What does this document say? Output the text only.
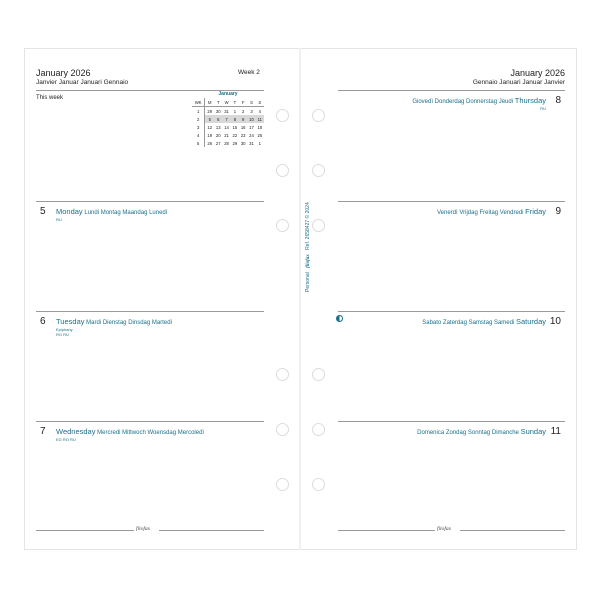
January 2026
Janvier Januar Januari Gennaio
Week 2
This week
January
WK	M	T	W	T	F	S	S
1	29	30	31	1	2	3	4
2	5	6	7	8	9	10	11
3	12	13	14	15	16	17	18
4	19	20	21	22	23	24	25
5	26	27	28	29	30	31	1
5 Monday Lundi Montag Maandag Lunedì
RU
6 Tuesday Mardi Dienstag Dinsdag Martedì
Epiphany
RO RU
7 Wednesday Mercredi Mittwoch Woensdag Mercoledì
EG RO RU
filofax
January 2026
Gennaio Januari Januar Janvier
8
Giovedì Donderdag Donnerstag Jeudi Thursday
RU
9
Venerdì Vrijdag Freitag Vendredi Friday
10
Sabato Zaterdag Samstag Samedi Saturday
11
Domenica Zondag Sonntag Dimanche Sunday
filofax
Personal filofax Ref. 2658427 © 2024
